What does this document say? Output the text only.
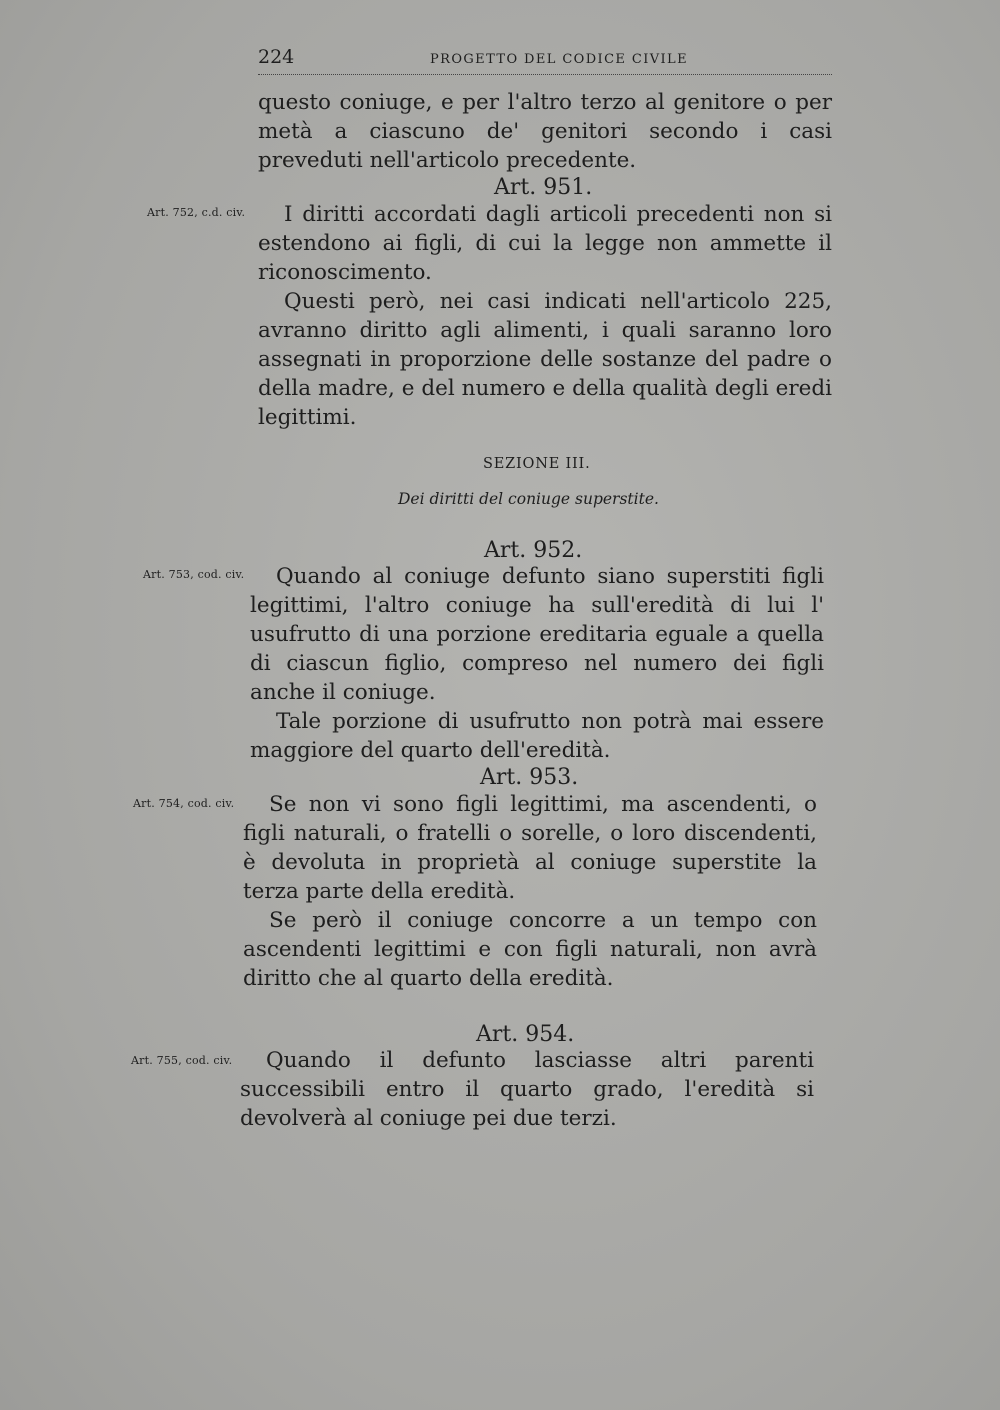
224	PROGETTO DEL CODICE CIVILE

questo coniuge, e per l'altro terzo al genitore o per metà a ciascuno de' genitori secondo i casi preveduti nell'articolo precedente.

Art. 951.
Art. 752, c.d. civ.	I diritti accordati dagli articoli precedenti non si estendono ai figli, di cui la legge non ammette il riconoscimento.

Questi però, nei casi indicati nell'articolo 225, avranno diritto agli alimenti, i quali saranno loro assegnati in proporzione delle sostanze del padre o della madre, e del numero e della qualità degli eredi legittimi.

SEZIONE III.
Dei diritti del coniuge superstite.
Art. 952.
Art. 753, cod. civ.	Quando al coniuge defunto siano superstiti figli legittimi, l'altro coniuge ha sull'eredità di lui l' usufrutto di una porzione ereditaria eguale a quella di ciascun figlio, compreso nel numero dei figli anche il coniuge.

Tale porzione di usufrutto non potrà mai essere maggiore del quarto dell'eredità.

Art. 953.
Art. 754, cod. civ.	Se non vi sono figli legittimi, ma ascendenti, o figli naturali, o fratelli o sorelle, o loro discendenti, è devoluta in proprietà al coniuge superstite la terza parte della eredità.

Se però il coniuge concorre a un tempo con ascendenti legittimi e con figli naturali, non avrà diritto che al quarto della eredità.

Art. 954.
Art. 755, cod. civ.	Quando il defunto lasciasse altri parenti successibili entro il quarto grado, l'eredità si devolverà al coniuge pei due terzi.
